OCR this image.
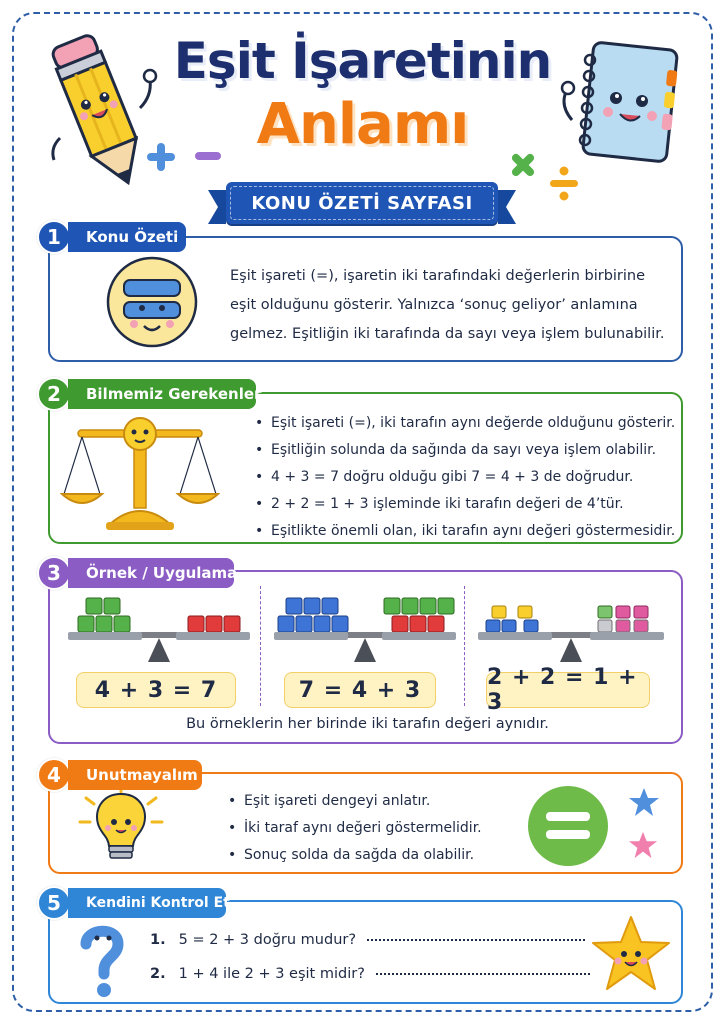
Eşit İşaretinin
Anlamı
KONU ÖZETİ SAYFASI
Eşit işareti (=), işaretin iki tarafındaki değerlerin birbirine
eşit olduğunu gösterir. Yalnızca ‘sonuç geliyor’ anlamına
gelmez. Eşitliğin iki tarafında da sayı veya işlem bulunabilir.
1	Konu Özeti
• Eşit işareti (=), iki tarafın aynı değerde olduğunu gösterir.
• Eşitliğin solunda da sağında da sayı veya işlem olabilir.
• 4 + 3 = 7 doğru olduğu gibi 7 = 4 + 3 de doğrudur.
• 2 + 2 = 1 + 3 işleminde iki tarafın değeri de 4’tür.
• Eşitlikte önemli olan, iki tarafın aynı değeri göstermesidir.
2	Bilmemiz Gerekenler
4 + 3 = 7	7 = 4 + 3	2 + 2 = 1 + 3
Bu örneklerin her birinde iki tarafın değeri aynıdır.
3	Örnek / Uygulama
• Eşit işareti dengeyi anlatır.
• İki taraf aynı değeri göstermelidir.
• Sonuç solda da sağda da olabilir.
4	Unutmayalım
1. 5 = 2 + 3 doğru mudur?
2. 1 + 4 ile 2 + 3 eşit midir?
5	Kendini Kontrol Et
